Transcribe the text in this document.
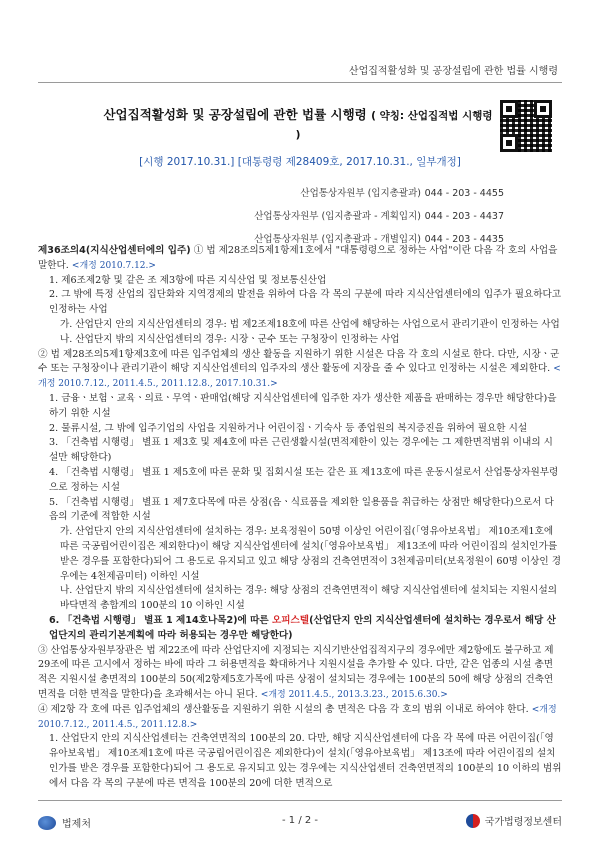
산업집적활성화 및 공장설립에 관한 법률 시행령
산업집적활성화 및 공장설립에 관한 법률 시행령 ( 약칭: 산업집적법 시행령 )
[시행 2017.10.31.] [대통령령 제28409호, 2017.10.31., 일부개정]
산업통상자원부 (입지총괄과) 044 - 203 - 4455
산업통상자원부 (입지총괄과 - 계획입지) 044 - 203 - 4437
산업통상자원부 (입지총괄과 - 개별입지) 044 - 203 - 4435

제36조의4(지식산업센터에의 입주) ① 법 제28조의5제1항제1호에서 "대통령령으로 정하는 사업"이란 다음 각 호의 사업을 말한다. <개정 2010.7.12.>

1. 제6조제2항 및 같은 조 제3항에 따른 지식산업 및 정보통신산업

2. 그 밖에 특정 산업의 집단화와 지역경제의 발전을 위하여 다음 각 목의 구분에 따라 지식산업센터에의 입주가 필요하다고 인정하는 사업

가. 산업단지 안의 지식산업센터의 경우: 법 제2조제18호에 따른 산업에 해당하는 사업으로서 관리기관이 인정하는 사업

나. 산업단지 밖의 지식산업센터의 경우: 시장ㆍ군수 또는 구청장이 인정하는 사업

② 법 제28조의5제1항제3호에 따른 입주업체의 생산 활동을 지원하기 위한 시설은 다음 각 호의 시설로 한다. 다만, 시장ㆍ군수 또는 구청장이나 관리기관이 해당 지식산업센터의 입주자의 생산 활동에 지장을 줄 수 있다고 인정하는 시설은 제외한다. <개정 2010.7.12., 2011.4.5., 2011.12.8., 2017.10.31.>

1. 금융ㆍ보험ㆍ교육ㆍ의료ㆍ무역ㆍ판매업(해당 지식산업센터에 입주한 자가 생산한 제품을 판매하는 경우만 해당한다)을 하기 위한 시설

2. 물류시설, 그 밖에 입주기업의 사업을 지원하거나 어린이집ㆍ기숙사 등 종업원의 복지증진을 위하여 필요한 시설

3. 「건축법 시행령」 별표 1 제3호 및 제4호에 따른 근린생활시설(면적제한이 있는 경우에는 그 제한면적범위 이내의 시설만 해당한다)

4. 「건축법 시행령」 별표 1 제5호에 따른 문화 및 집회시설 또는 같은 표 제13호에 따른 운동시설로서 산업통상자원부령으로 정하는 시설

5. 「건축법 시행령」 별표 1 제7호다목에 따른 상점(음ㆍ식료품을 제외한 일용품을 취급하는 상점만 해당한다)으로서 다음의 기준에 적합한 시설

가. 산업단지 안의 지식산업센터에 설치하는 경우: 보육정원이 50명 이상인 어린이집(「영유아보육법」 제10조제1호에 따른 국공립어린이집은 제외한다)이 해당 지식산업센터에 설치(「영유아보육법」 제13조에 따라 어린이집의 설치인가를 받은 경우를 포함한다)되어 그 용도로 유지되고 있고 해당 상점의 건축연면적이 3천제곱미터(보육정원이 60명 이상인 경우에는 4천제곱미터) 이하인 시설

나. 산업단지 밖의 지식산업센터에 설치하는 경우: 해당 상점의 건축연면적이 해당 지식산업센터에 설치되는 지원시설의 바닥면적 총합계의 100분의 10 이하인 시설

6. 「건축법 시행령」 별표 1 제14호나목2)에 따른 오피스텔(산업단지 안의 지식산업센터에 설치하는 경우로서 해당 산업단지의 관리기본계획에 따라 허용되는 경우만 해당한다)

③ 산업통상자원부장관은 법 제22조에 따라 산업단지에 지정되는 지식기반산업집적지구의 경우에만 제2항에도 불구하고 제29조에 따른 고시에서 정하는 바에 따라 그 허용면적을 확대하거나 지원시설을 추가할 수 있다. 다만, 같은 업종의 시설 총면적은 지원시설 총면적의 100분의 50(제2항제5호가목에 따른 상점이 설치되는 경우에는 100분의 50에 해당 상점의 건축연면적을 더한 면적을 말한다)을 초과해서는 아니 된다. <개정 2011.4.5., 2013.3.23., 2015.6.30.>

④ 제2항 각 호에 따른 입주업체의 생산활동을 지원하기 위한 시설의 총 면적은 다음 각 호의 범위 이내로 하여야 한다. <개정 2010.7.12., 2011.4.5., 2011.12.8.>

1. 산업단지 안의 지식산업센터는 건축연면적의 100분의 20. 다만, 해당 지식산업센터에 다음 각 목에 따른 어린이집(「영유아보육법」 제10조제1호에 따른 국공립어린이집은 제외한다)이 설치(「영유아보육법」 제13조에 따라 어린이집의 설치인가를 받은 경우를 포함한다)되어 그 용도로 유지되고 있는 경우에는 지식산업센터 건축연면적의 100분의 10 이하의 범위에서 다음 각 목의 구분에 따른 면적을 100분의 20에 더한 면적으로

법제처	- 1 / 2 -	국가법령정보센터
